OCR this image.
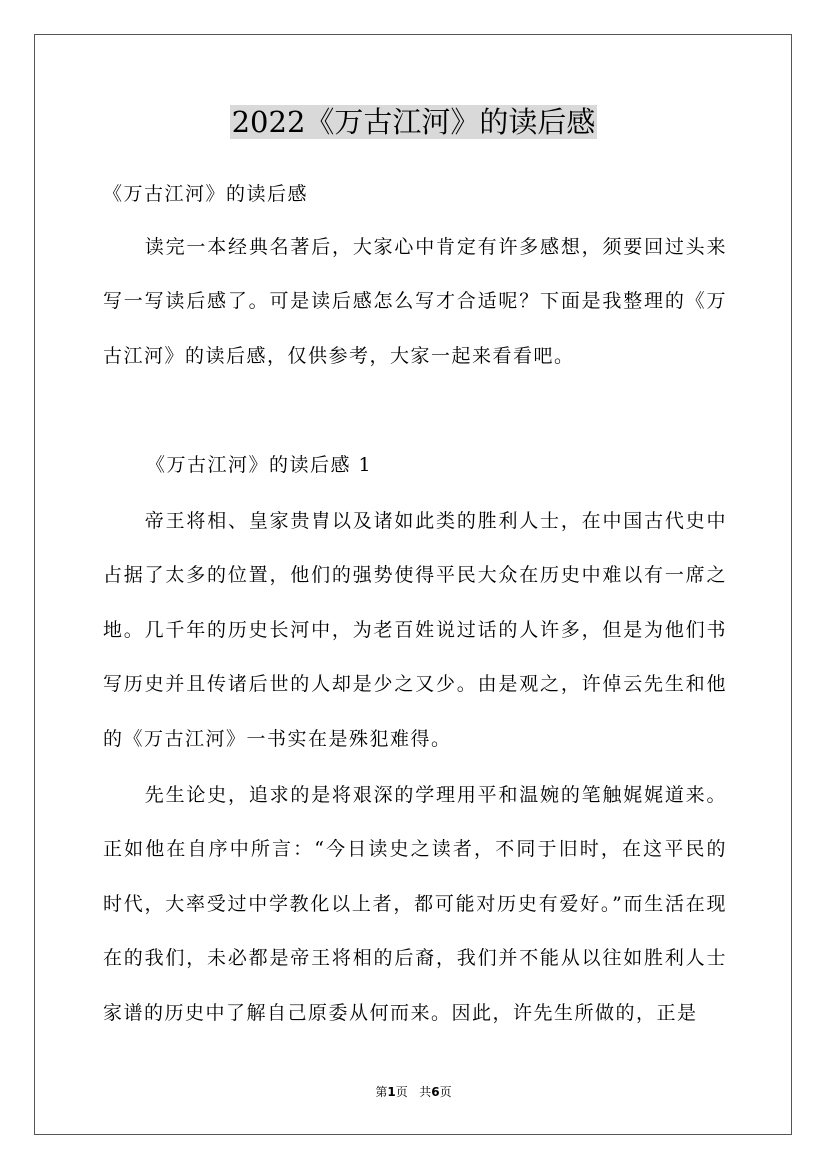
2022《万古江河》的读后感
《万古江河》的读后感
读完一本经典名著后，大家心中肯定有许多感想，须要回过头来写一写读后感了。可是读后感怎么写才合适呢？下面是我整理的《万古江河》的读后感，仅供参考，大家一起来看看吧。
《万古江河》的读后感 1
帝王将相、皇家贵胄以及诸如此类的胜利人士，在中国古代史中占据了太多的位置，他们的强势使得平民大众在历史中难以有一席之地。几千年的历史长河中，为老百姓说过话的人许多，但是为他们书写历史并且传诸后世的人却是少之又少。由是观之，许倬云先生和他的《万古江河》一书实在是殊犯难得。
先生论史，追求的是将艰深的学理用平和温婉的笔触娓娓道来。正如他在自序中所言：“今日读史之读者，不同于旧时，在这平民的时代，大率受过中学教化以上者，都可能对历史有爱好。”而生活在现在的我们，未必都是帝王将相的后裔，我们并不能从以往如胜利人士家谱的历史中了解自己原委从何而来。因此，许先生所做的，正是
第1页   共6页
